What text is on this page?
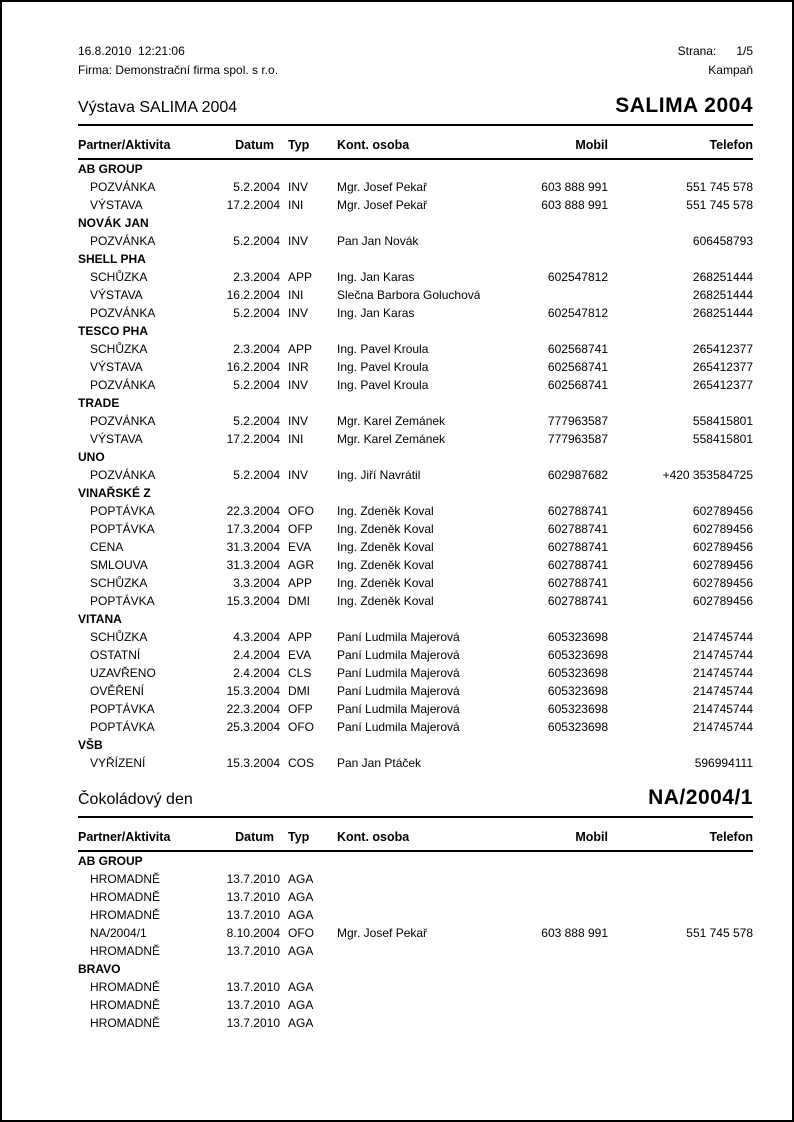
16.8.2010  12:21:06
Firma: Demonstrační firma spol. s r.o.
Strana: 1/5
Kampaň
Výstava SALIMA 2004	SALIMA 2004
Partner/Aktivita	Datum	Typ	Kont. osoba	Mobil	Telefon
AB GROUP					
POZVÁNKA	5.2.2004	INV	Mgr. Josef Pekař	603 888 991	551 745 578
VÝSTAVA	17.2.2004	INI	Mgr. Josef Pekař	603 888 991	551 745 578
NOVÁK JAN					
POZVÁNKA	5.2.2004	INV	Pan Jan Novák		606458793
SHELL PHA					
SCHŮZKA	2.3.2004	APP	Ing. Jan Karas	602547812	268251444
VÝSTAVA	16.2.2004	INI	Slečna Barbora Goluchová		268251444
POZVÁNKA	5.2.2004	INV	Ing. Jan Karas	602547812	268251444
TESCO PHA					
SCHŮZKA	2.3.2004	APP	Ing. Pavel Kroula	602568741	265412377
VÝSTAVA	16.2.2004	INR	Ing. Pavel Kroula	602568741	265412377
POZVÁNKA	5.2.2004	INV	Ing. Pavel Kroula	602568741	265412377
TRADE					
POZVÁNKA	5.2.2004	INV	Mgr. Karel Zemánek	777963587	558415801
VÝSTAVA	17.2.2004	INI	Mgr. Karel Zemánek	777963587	558415801
UNO					
POZVÁNKA	5.2.2004	INV	Ing. Jiří Navrátil	602987682	+420 353584725
VINAŘSKÉ Z					
POPTÁVKA	22.3.2004	OFO	Ing. Zdeněk Koval	602788741	602789456
POPTÁVKA	17.3.2004	OFP	Ing. Zdeněk Koval	602788741	602789456
CENA	31.3.2004	EVA	Ing. Zdeněk Koval	602788741	602789456
SMLOUVA	31.3.2004	AGR	Ing. Zdeněk Koval	602788741	602789456
SCHŮZKA	3.3.2004	APP	Ing. Zdeněk Koval	602788741	602789456
POPTÁVKA	15.3.2004	DMI	Ing. Zdeněk Koval	602788741	602789456
VITANA					
SCHŮZKA	4.3.2004	APP	Paní Ludmila Majerová	605323698	214745744
OSTATNÍ	2.4.2004	EVA	Paní Ludmila Majerová	605323698	214745744
UZAVŘENO	2.4.2004	CLS	Paní Ludmila Majerová	605323698	214745744
OVĚŘENÍ	15.3.2004	DMI	Paní Ludmila Majerová	605323698	214745744
POPTÁVKA	22.3.2004	OFP	Paní Ludmila Majerová	605323698	214745744
POPTÁVKA	25.3.2004	OFO	Paní Ludmila Majerová	605323698	214745744
VŠB					
VYŘÍZENÍ	15.3.2004	COS	Pan Jan Ptáček		596994111
Čokoládový den	NA/2004/1
Partner/Aktivita	Datum	Typ	Kont. osoba	Mobil	Telefon
AB GROUP					
HROMADNĚ	13.7.2010	AGA			
HROMADNĚ	13.7.2010	AGA			
HROMADNĚ	13.7.2010	AGA			
NA/2004/1	8.10.2004	OFO	Mgr. Josef Pekař	603 888 991	551 745 578
HROMADNĚ	13.7.2010	AGA			
BRAVO					
HROMADNĚ	13.7.2010	AGA			
HROMADNĚ	13.7.2010	AGA			
HROMADNĚ	13.7.2010	AGA			
